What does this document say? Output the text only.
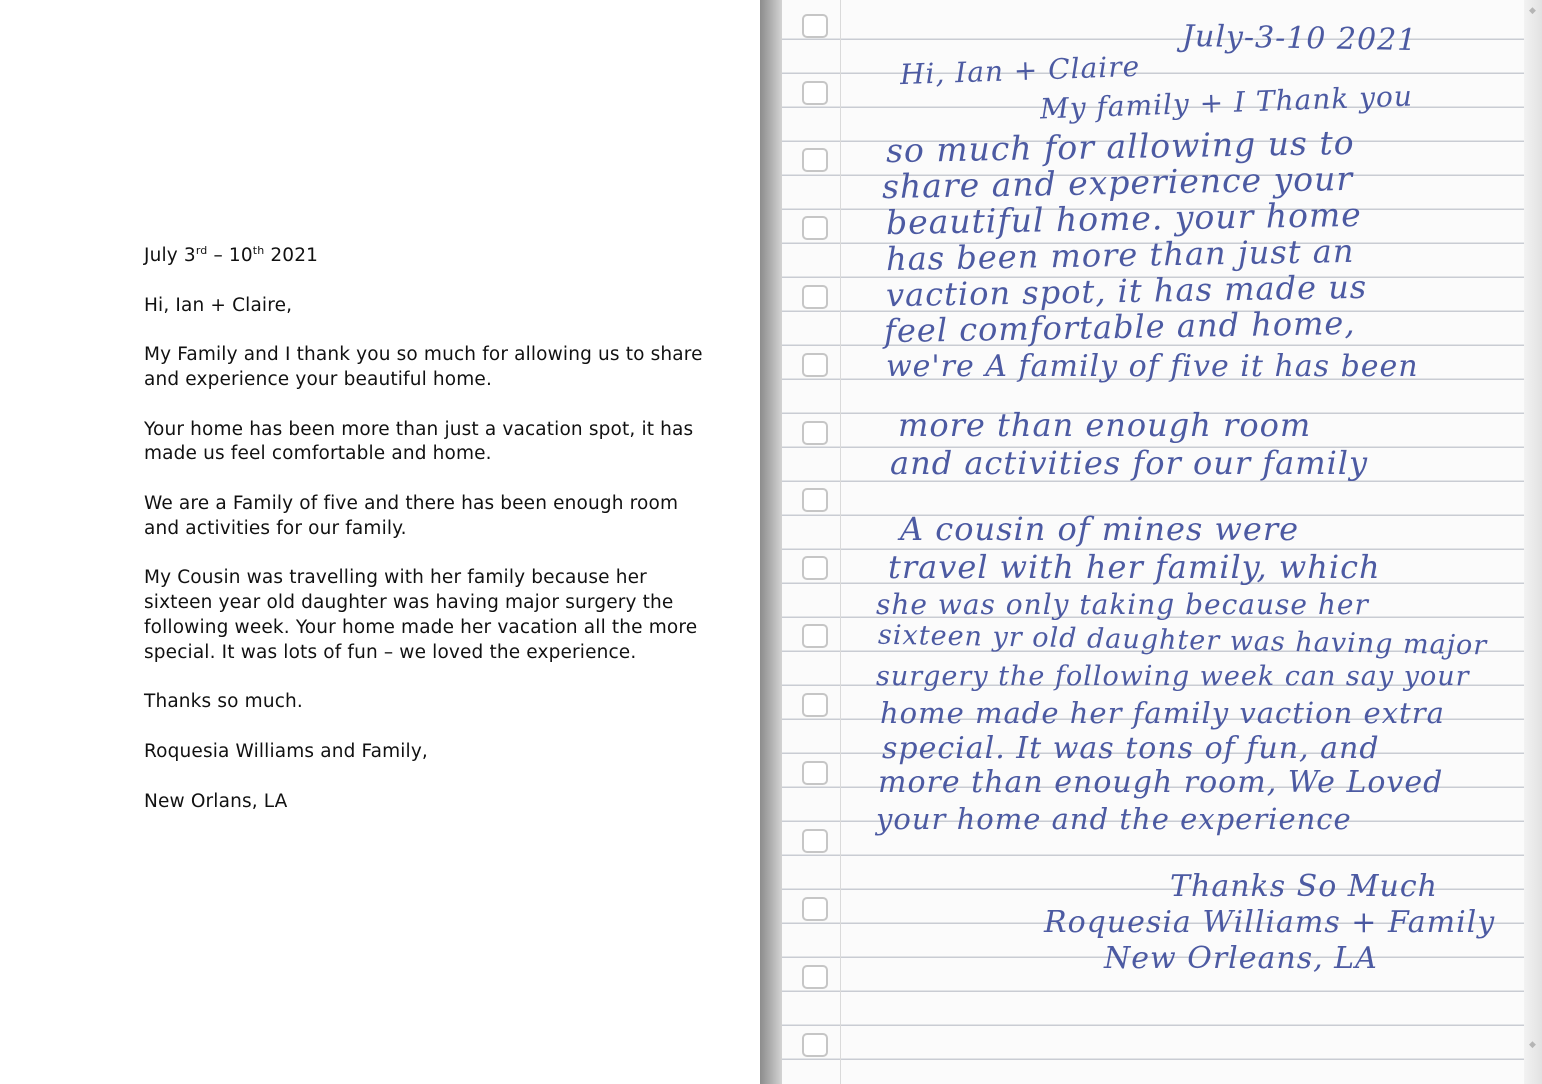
July 3rd – 10th 2021

Hi, Ian + Claire,

My Family and I thank you so much for allowing us to share and experience your beautiful home.

Your home has been more than just a vacation spot, it has made us feel comfortable and home.

We are a Family of five and there has been enough room and activities for our family.

My Cousin was travelling with her family because her sixteen year old daughter was having major surgery the following week. Your home made her vacation all the more special. It was lots of fun – we loved the experience.

Thanks so much.

Roquesia Williams and Family,

New Orlans, LA

◆
◆
July-3-10 2021
Hi, Ian + Claire
My family + I Thank you
so much for allowing us to
share and experience your
beautiful home. your home
has been more than just an
vaction spot, it has made us
feel comfortable and home,
we're A family of five it has been
more than enough room
and activities for our family
A cousin of mines were
travel with her family, which
she was only taking because her
sixteen yr old daughter was having major
surgery the following week can say your
home made her family vaction extra
special. It was tons of fun, and
more than enough room, We Loved
your home and the experience
Thanks So Much
Roquesia Williams + Family
New Orleans, LA
